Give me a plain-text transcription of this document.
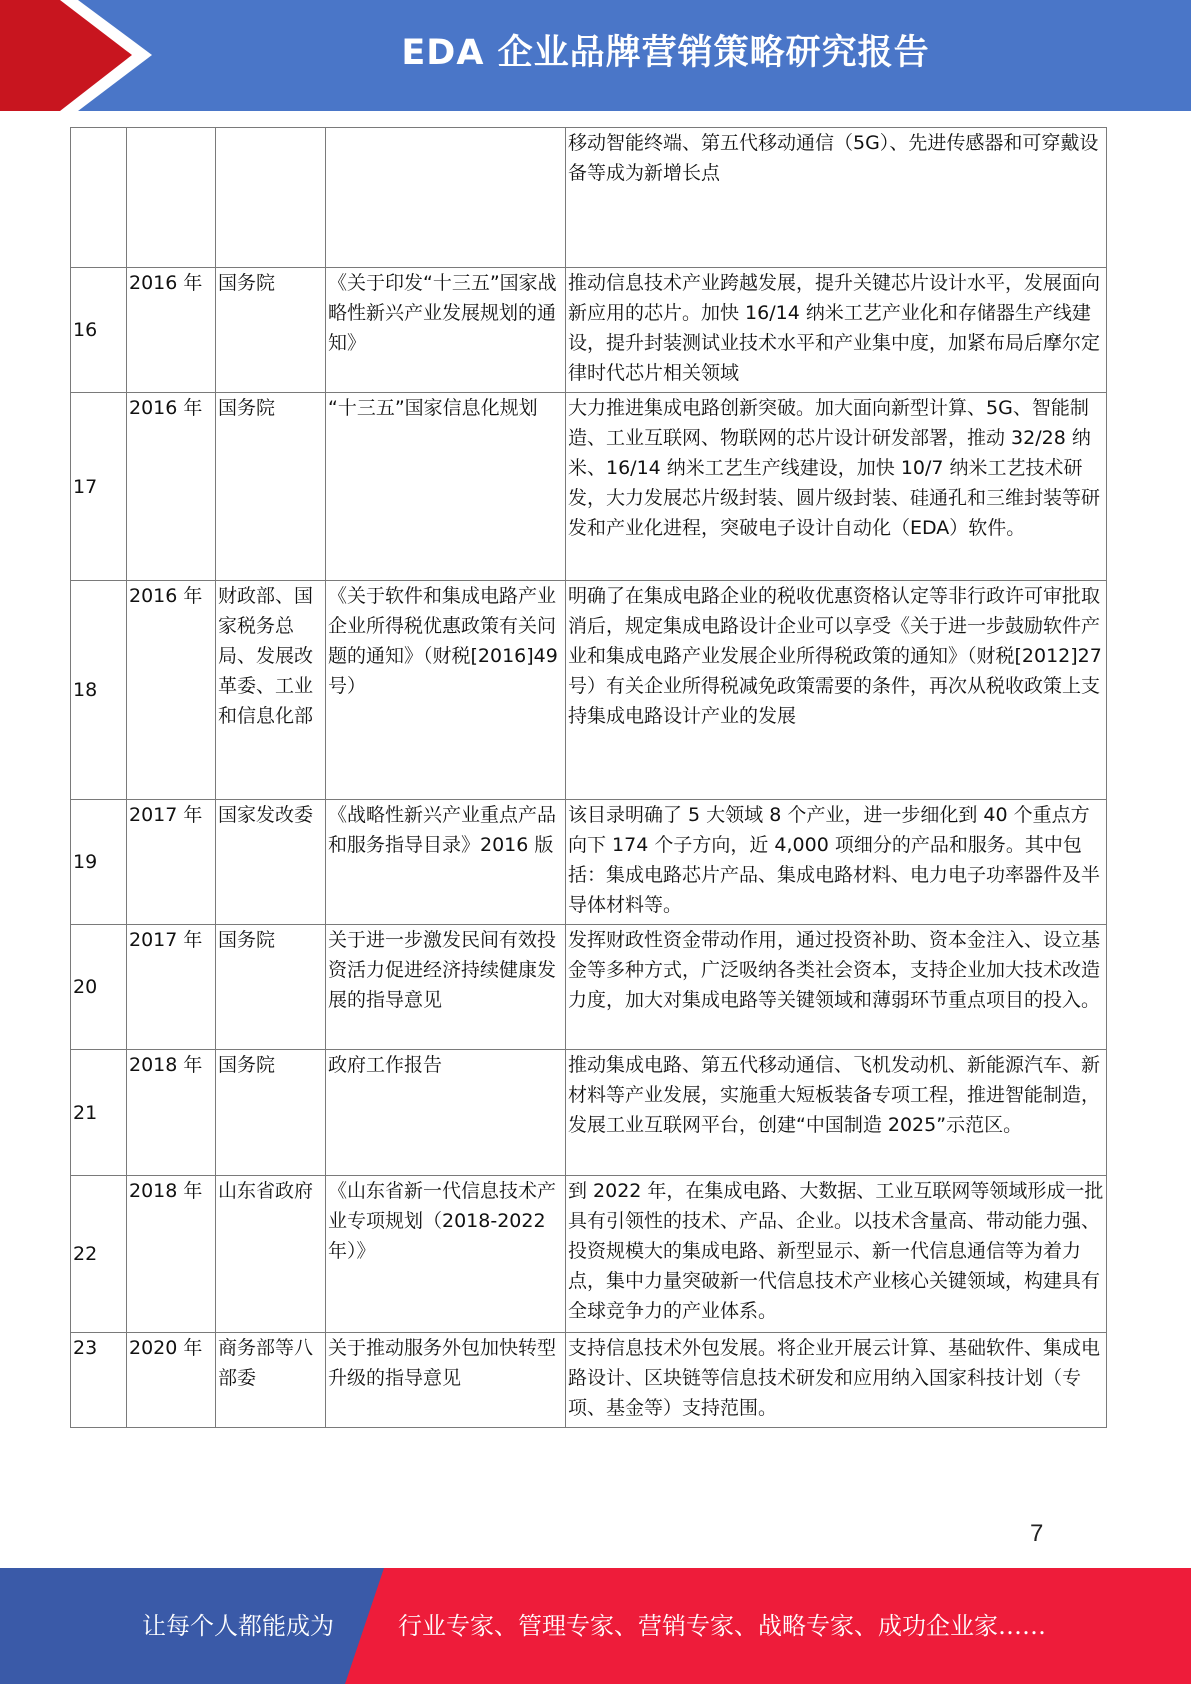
EDA 企业品牌营销策略研究报告
				移动智能终端、第五代移动通信（5G）、先进传感器和可穿戴设备等成为新增长点
16	2016 年	国务院	《关于印发“十三五”国家战略性新兴产业发展规划的通知》	推动信息技术产业跨越发展，提升关键芯片设计水平，发展面向新应用的芯片。加快 16/14 纳米工艺产业化和存储器生产线建设，提升封装测试业技术水平和产业集中度，加紧布局后摩尔定律时代芯片相关领域
17	2016 年	国务院	“十三五”国家信息化规划	大力推进集成电路创新突破。加大面向新型计算、5G、智能制造、工业互联网、物联网的芯片设计研发部署，推动 32/28 纳米、16/14 纳米工艺生产线建设，加快 10/7 纳米工艺技术研发，大力发展芯片级封装、圆片级封装、硅通孔和三维封装等研发和产业化进程，突破电子设计自动化（EDA）软件。
18	2016 年	财政部、国家税务总局、发展改革委、工业和信息化部	《关于软件和集成电路产业企业所得税优惠政策有关问题的通知》（财税[2016]49 号）	明确了在集成电路企业的税收优惠资格认定等非行政许可审批取消后，规定集成电路设计企业可以享受《关于进一步鼓励软件产业和集成电路产业发展企业所得税政策的通知》（财税[2012]27 号）有关企业所得税减免政策需要的条件，再次从税收政策上支持集成电路设计产业的发展
19	2017 年	国家发改委	《战略性新兴产业重点产品和服务指导目录》2016 版	该目录明确了 5 大领域 8 个产业，进一步细化到 40 个重点方向下 174 个子方向，近 4,000 项细分的产品和服务。其中包括：集成电路芯片产品、集成电路材料、电力电子功率器件及半导体材料等。
20	2017 年	国务院	关于进一步激发民间有效投资活力促进经济持续健康发展的指导意见	发挥财政性资金带动作用，通过投资补助、资本金注入、设立基金等多种方式，广泛吸纳各类社会资本，支持企业加大技术改造力度，加大对集成电路等关键领域和薄弱环节重点项目的投入。
21	2018 年	国务院	政府工作报告	推动集成电路、第五代移动通信、飞机发动机、新能源汽车、新材料等产业发展，实施重大短板装备专项工程，推进智能制造，发展工业互联网平台，创建“中国制造 2025”示范区。
22	2018 年	山东省政府	《山东省新一代信息技术产业专项规划（2018-2022 年）》	到 2022 年，在集成电路、大数据、工业互联网等领域形成一批具有引领性的技术、产品、企业。以技术含量高、带动能力强、投资规模大的集成电路、新型显示、新一代信息通信等为着力点，集中力量突破新一代信息技术产业核心关键领域，构建具有全球竞争力的产业体系。
23	2020 年	商务部等八部委	关于推动服务外包加快转型升级的指导意见	支持信息技术外包发展。将企业开展云计算、基础软件、集成电路设计、区块链等信息技术研发和应用纳入国家科技计划（专项、基金等）支持范围。
7
让每个人都能成为	行业专家、管理专家、营销专家、战略专家、成功企业家……
